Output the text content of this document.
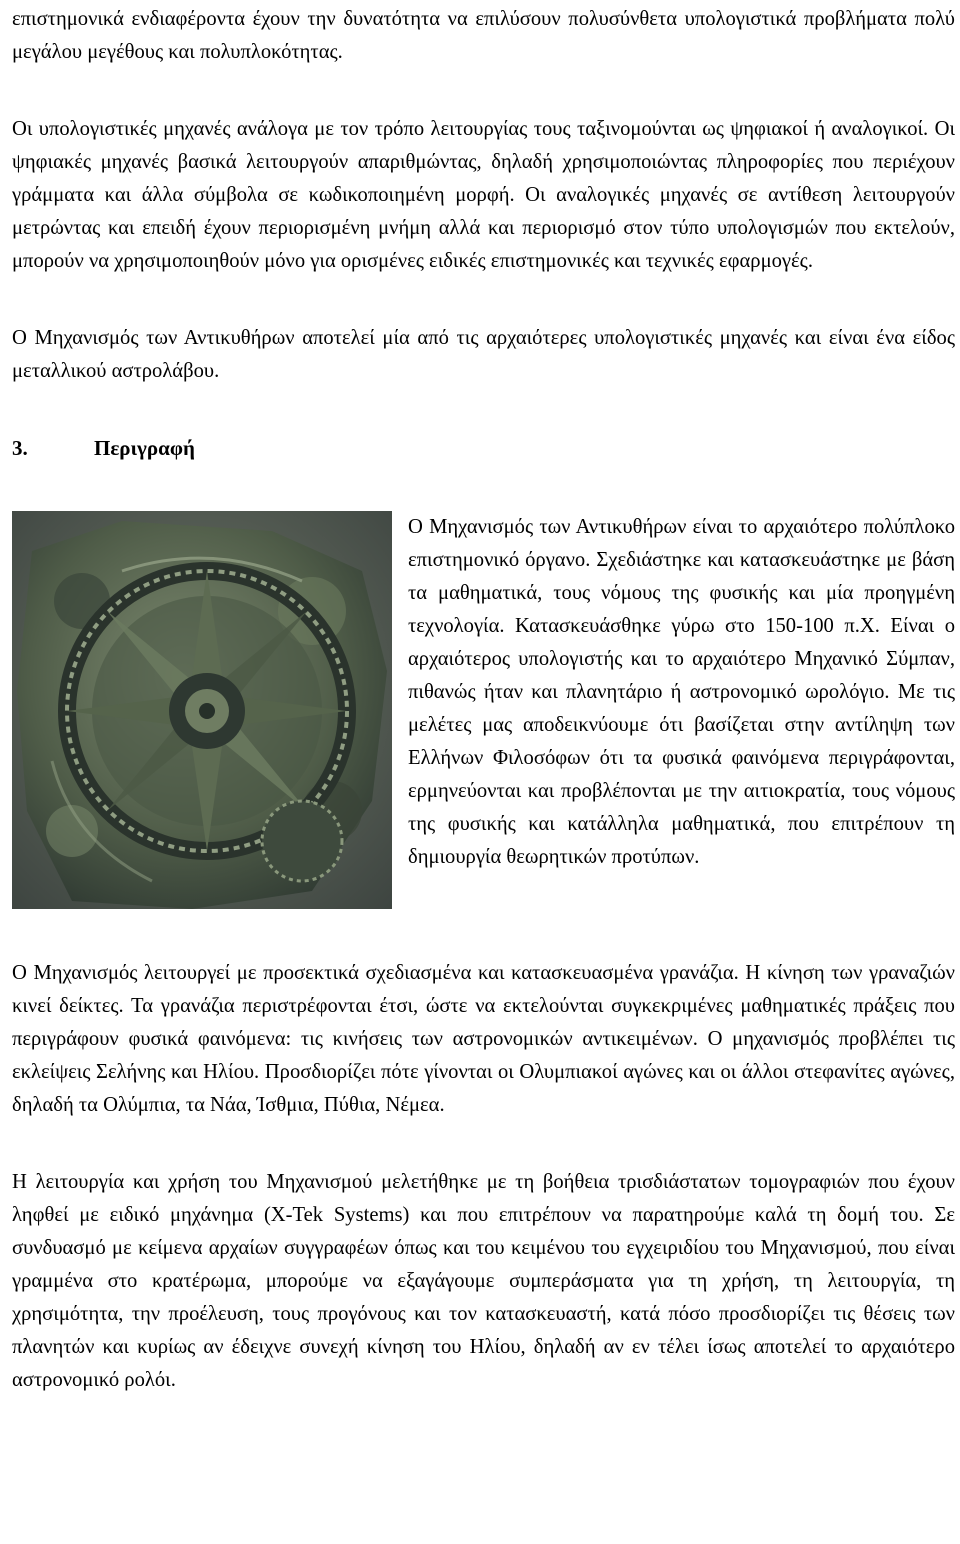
επιστημονικά ενδιαφέροντα έχουν την δυνατότητα να επιλύσουν πολυσύνθετα υπολογιστικά προβλήματα πολύ μεγάλου μεγέθους και πολυπλοκότητας.

Οι υπολογιστικές μηχανές ανάλογα με τον τρόπο λειτουργίας τους ταξινομούνται ως ψηφιακοί ή αναλογικοί. Οι ψηφιακές μηχανές βασικά λειτουργούν απαριθμώντας, δηλαδή χρησιμοποιώντας πληροφορίες που περιέχουν γράμματα και άλλα σύμβολα σε κωδικοποιημένη μορφή. Οι αναλογικές μηχανές σε αντίθεση λειτουργούν μετρώντας και επειδή έχουν περιορισμένη μνήμη αλλά και περιορισμό στον τύπο υπολογισμών που εκτελούν, μπορούν να χρησιμοποιηθούν μόνο για ορισμένες ειδικές επιστημονικές και τεχνικές εφαρμογές.

Ο Μηχανισμός των Αντικυθήρων αποτελεί μία από τις αρχαιότερες υπολογιστικές μηχανές και είναι ένα είδος μεταλλικού αστρολάβου.

3.	Περιγραφή

Ο Μηχανισμός των Αντικυθήρων είναι το αρχαιότερο πολύπλοκο επιστημονικό όργανο. Σχεδιάστηκε και κατασκευάστηκε με βάση τα μαθηματικά, τους νόμους της φυσικής και μία προηγμένη τεχνολογία. Κατασκευάσθηκε γύρω στο 150-100 π.Χ. Είναι ο αρχαιότερος υπολογιστής και το αρχαιότερο Μηχανικό Σύμπαν, πιθανώς ήταν και πλανητάριο ή αστρονομικό ωρολόγιο. Με τις μελέτες μας αποδεικνύουμε ότι βασίζεται στην αντίληψη των Ελλήνων Φιλοσόφων ότι τα φυσικά φαινόμενα περιγράφονται, ερμηνεύονται και προβλέπονται με την αιτιοκρατία, τους νόμους της φυσικής και κατάλληλα μαθηματικά, που επιτρέπουν τη δημιουργία θεωρητικών προτύπων.

Ο Μηχανισμός λειτουργεί με προσεκτικά σχεδιασμένα και κατασκευασμένα γρανάζια. Η κίνηση των γραναζιών κινεί δείκτες. Τα γρανάζια περιστρέφονται έτσι, ώστε να εκτελούνται συγκεκριμένες μαθηματικές πράξεις που περιγράφουν φυσικά φαινόμενα: τις κινήσεις των αστρονομικών αντικειμένων. Ο μηχανισμός προβλέπει τις εκλείψεις Σελήνης και Ηλίου. Προσδιορίζει πότε γίνονται οι Ολυμπιακοί αγώνες και οι άλλοι στεφανίτες αγώνες, δηλαδή τα Ολύμπια, τα Νάα, Ίσθμια, Πύθια, Νέμεα.

Η λειτουργία και χρήση του Μηχανισμού μελετήθηκε με τη βοήθεια τρισδιάστατων τομογραφιών που έχουν ληφθεί με ειδικό μηχάνημα (X-Tek Systems) και που επιτρέπουν να παρατηρούμε καλά τη δομή του. Σε συνδυασμό με κείμενα αρχαίων συγγραφέων όπως και του κειμένου του εγχειριδίου του Μηχανισμού, που είναι γραμμένα στο κρατέρωμα, μπορούμε να εξαγάγουμε συμπεράσματα για τη χρήση, τη λειτουργία, τη χρησιμότητα, την προέλευση, τους προγόνους και τον κατασκευαστή, κατά πόσο προσδιορίζει τις θέσεις των πλανητών και κυρίως αν έδειχνε συνεχή κίνηση του Ηλίου, δηλαδή αν εν τέλει ίσως αποτελεί το αρχαιότερο αστρονομικό ρολόι.
